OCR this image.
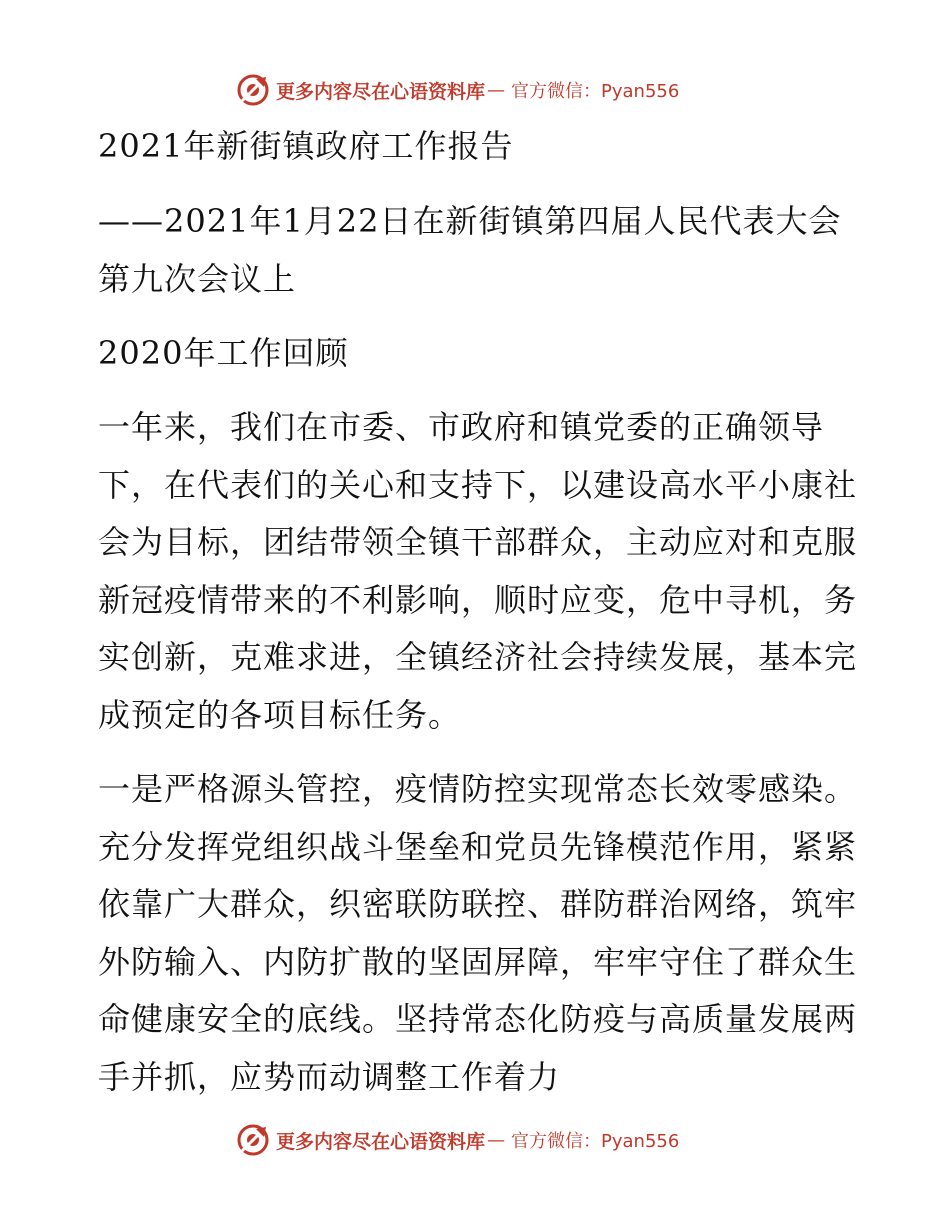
更多内容尽在心语资料库 — 官方微信：Pyan556

2021年新街镇政府工作报告

——2021年1月22日在新街镇第四届人民代表大会第九次会议上

2020年工作回顾

一年来，我们在市委、市政府和镇党委的正确领导下，在代表们的关心和支持下，以建设高水平小康社会为目标，团结带领全镇干部群众，主动应对和克服新冠疫情带来的不利影响，顺时应变，危中寻机，务实创新，克难求进，全镇经济社会持续发展，基本完成预定的各项目标任务。

一是严格源头管控，疫情防控实现常态长效零感染。充分发挥党组织战斗堡垒和党员先锋模范作用，紧紧依靠广大群众，织密联防联控、群防群治网络，筑牢外防输入、内防扩散的坚固屏障，牢牢守住了群众生命健康安全的底线。坚持常态化防疫与高质量发展两手并抓，应势而动调整工作着力

更多内容尽在心语资料库 — 官方微信：Pyan556
